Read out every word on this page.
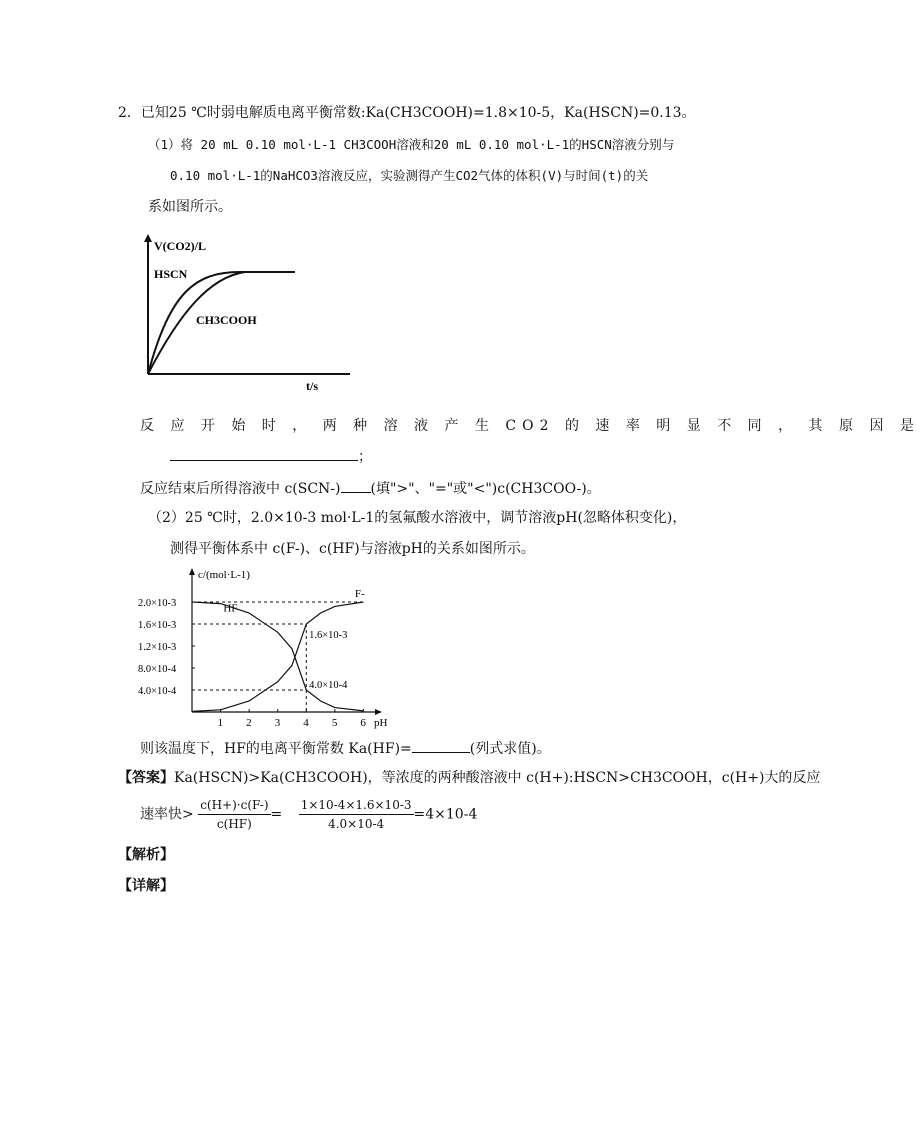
2．已知25 ℃时弱电解质电离平衡常数:Ka(CH3COOH)=1.8×10-5，Ka(HSCN)=0.13。
（1）将 20 mL 0.10 mol·L-1 CH3COOH溶液和20 mL 0.10 mol·L-1的HSCN溶液分别与
0.10 mol·L-1的NaHCO3溶液反应，实验测得产生CO2气体的体积(V)与时间(t)的关
系如图所示。
V(CO2)/L
HSCN
CH3COOH
t/s
反 应 开 始 时 ， 两 种 溶 液 产 生 CO2 的 速 率 明 显 不 同 ， 其 原 因 是
；
反应结束后所得溶液中 c(SCN-) (填">"、"="或"<")c(CH3COO-)。
（2）25 ℃时，2.0×10-3 mol·L-1的氢氟酸水溶液中，调节溶液pH(忽略体积变化)，
测得平衡体系中 c(F-)、c(HF)与溶液pH的关系如图所示。
c/(mol·L-1)
pH
1 2 3 4 5 6
2.0×10-3
1.6×10-3
1.2×10-3
8.0×10-4
4.0×10-4
HF
F-
1.6×10-3
4.0×10-4
则该温度下，HF的电离平衡常数 Ka(HF)=	(列式求值)。
【答案】Ka(HSCN)>Ka(CH3COOH)，等浓度的两种酸溶液中 c(H+):HSCN>CH3COOH，c(H+)大的反应
速率快> $\frac{c(H+)\cdot c(F-)}{c(HF)} = \frac{1\times 10-4\times 1.6\times 10-3}{4.0\times 10-4} =4\times 10-4$
【解析】
【详解】
